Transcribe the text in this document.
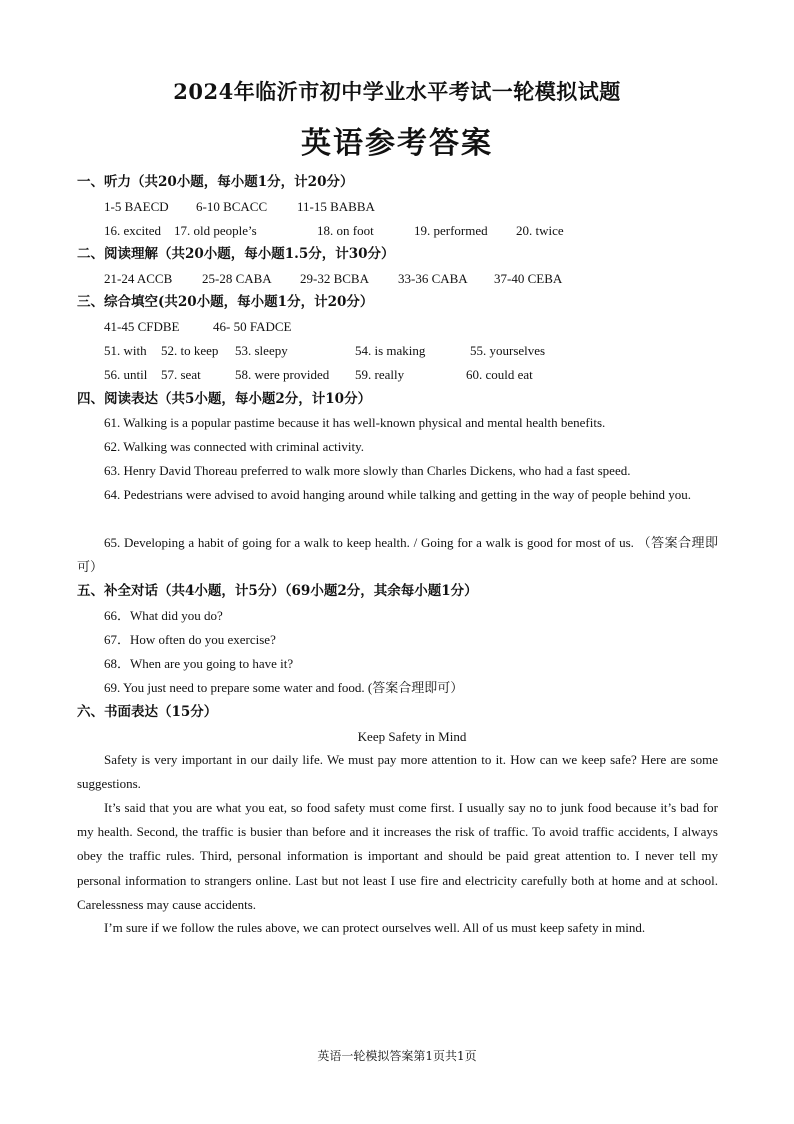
2024年临沂市初中学业水平考试一轮模拟试题
英语参考答案
一、听力（共20小题，每小题1分，计20分）
1-5 BAECD 6-10 BCACC 11-15 BABBA
16. excited 17. old people’s	18. on foot	19. performed 20. twice
二、阅读理解（共20小题，每小题1.5分，计30分）
21-24 ACCB 25-28 CABA 29-32 BCBA 33-36 CABA 37-40 CEBA
三、综合填空(共20小题，每小题1分，计20分）
41-45 CFDBE	46- 50 FADCE
51. with 52. to keep 53. sleepy	54. is making	55. yourselves
56. until 57. seat	58. were provided 59. really	60. could eat
四、阅读表达（共5小题，每小题2分，计10分）
61. Walking is a popular pastime because it has well-known physical and mental health benefits.
62. Walking was connected with criminal activity.
63. Henry David Thoreau preferred to walk more slowly than Charles Dickens, who had a fast speed.
64. Pedestrians were advised to avoid hanging around while talking and getting in the way of people behind you.
65. Developing a habit of going for a walk to keep health. / Going for a walk is good for most of us. （答案合理即可）
五、补全对话（共4小题，计5分）（69小题2分，其余每小题1分）
66．What did you do?
67．How often do you exercise?
68．When are you going to have it?
69. You just need to prepare some water and food. (答案合理即可）
六、书面表达（15分）
Keep Safety in Mind
Safety is very important in our daily life. We must pay more attention to it. How can we keep safe? Here are some suggestions.
It’s said that you are what you eat, so food safety must come first. I usually say no to junk food because it’s bad for my health. Second, the traffic is busier than before and it increases the risk of traffic. To avoid traffic accidents, I always obey the traffic rules. Third, personal information is important and should be paid great attention to. I never tell my personal information to strangers online. Last but not least I use fire and electricity carefully both at home and at school. Carelessness may cause accidents.
I’m sure if we follow the rules above, we can protect ourselves well. All of us must keep safety in mind.
英语一轮模拟答案第1页共1页
